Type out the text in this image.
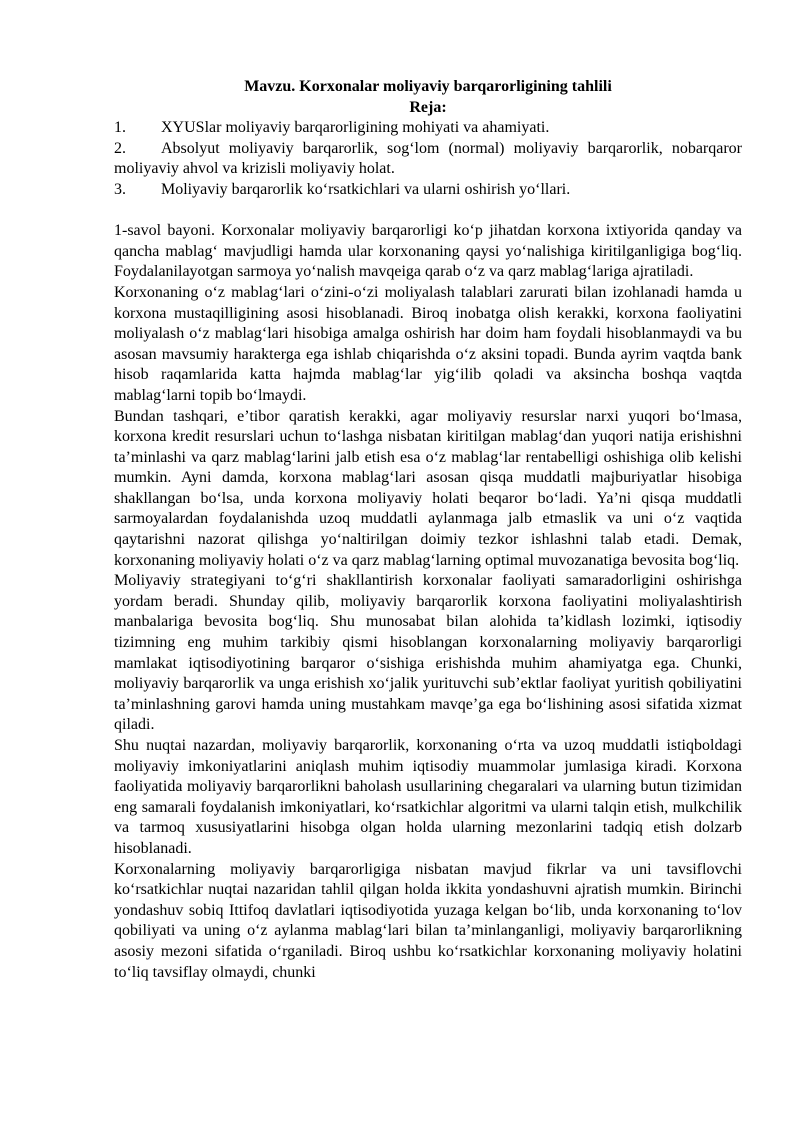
Mavzu. Korxonalar moliyaviy barqarorligining tahlili

Reja:

1.	XYUSlar moliyaviy barqarorligining mohiyati va ahamiyati.
2.	Absolyut moliyaviy barqarorlik, sog‘lom (normal) moliyaviy barqarorlik, nobarqaror moliyaviy ahvol va krizisli moliyaviy holat.
3.	Moliyaviy barqarorlik ko‘rsatkichlari va ularni oshirish yo‘llari.

1-savol bayoni. Korxonalar moliyaviy barqarorligi ko‘p jihatdan korxona ixtiyorida qanday va qancha mablag‘ mavjudligi hamda ular korxonaning qaysi yo‘nalishiga kiritilganligiga bog‘liq. Foydalanilayotgan sarmoya yo‘nalish mavqeiga qarab o‘z va qarz mablag‘lariga ajratiladi.

Korxonaning o‘z mablag‘lari o‘zini-o‘zi moliyalash talablari zarurati bilan izohlanadi hamda u korxona mustaqilligining asosi hisoblanadi. Biroq inobatga olish kerakki, korxona faoliyatini moliyalash o‘z mablag‘lari hisobiga amalga oshirish har doim ham foydali hisoblanmaydi va bu asosan mavsumiy harakterga ega ishlab chiqarishda o‘z aksini topadi. Bunda ayrim vaqtda bank hisob raqamlarida katta hajmda mablag‘lar yig‘ilib qoladi va aksincha boshqa vaqtda mablag‘larni topib bo‘lmaydi.

Bundan tashqari, e’tibor qaratish kerakki, agar moliyaviy resurslar narxi yuqori bo‘lmasa, korxona kredit resurslari uchun to‘lashga nisbatan kiritilgan mablag‘dan yuqori natija erishishni ta’minlashi va qarz mablag‘larini jalb etish esa o‘z mablag‘lar rentabelligi oshishiga olib kelishi mumkin. Ayni damda, korxona mablag‘lari asosan qisqa muddatli majburiyatlar hisobiga shakllangan bo‘lsa, unda korxona moliyaviy holati beqaror bo‘ladi. Ya’ni qisqa muddatli sarmoyalardan foydalanishda uzoq muddatli aylanmaga jalb etmaslik va uni o‘z vaqtida qaytarishni nazorat qilishga yo‘naltirilgan doimiy tezkor ishlashni talab etadi. Demak, korxonaning moliyaviy holati o‘z va qarz mablag‘larning optimal muvozanatiga bevosita bog‘liq.

Moliyaviy strategiyani to‘g‘ri shakllantirish korxonalar faoliyati samaradorligini oshirishga yordam beradi. Shunday qilib, moliyaviy barqarorlik korxona faoliyatini moliyalashtirish manbalariga bevosita bog‘liq. Shu munosabat bilan alohida ta’kidlash lozimki, iqtisodiy tizimning eng muhim tarkibiy qismi hisoblangan korxonalarning moliyaviy barqarorligi mamlakat iqtisodiyotining barqaror o‘sishiga erishishda muhim ahamiyatga ega. Chunki, moliyaviy barqarorlik va unga erishish xo‘jalik yurituvchi sub’ektlar faoliyat yuritish qobiliyatini ta’minlashning garovi hamda uning mustahkam mavqe’ga ega bo‘lishining asosi sifatida xizmat qiladi.

Shu nuqtai nazardan, moliyaviy barqarorlik, korxonaning o‘rta va uzoq muddatli istiqboldagi moliyaviy imkoniyatlarini aniqlash muhim iqtisodiy muammolar jumlasiga kiradi. Korxona faoliyatida moliyaviy barqarorlikni baholash usullarining chegaralari va ularning butun tizimidan eng samarali foydalanish imkoniyatlari, ko‘rsatkichlar algoritmi va ularni talqin etish, mulkchilik va tarmoq xususiyatlarini hisobga olgan holda ularning mezonlarini tadqiq etish dolzarb hisoblanadi.

Korxonalarning moliyaviy barqarorligiga nisbatan mavjud fikrlar va uni tavsiflovchi ko‘rsatkichlar nuqtai nazaridan tahlil qilgan holda ikkita yondashuvni ajratish mumkin. Birinchi yondashuv sobiq Ittifoq davlatlari iqtisodiyotida yuzaga kelgan bo‘lib, unda korxonaning to‘lov qobiliyati va uning o‘z aylanma mablag‘lari bilan ta’minlanganligi, moliyaviy barqarorlikning asosiy mezoni sifatida o‘rganiladi. Biroq ushbu ko‘rsatkichlar korxonaning moliyaviy holatini to‘liq tavsiflay olmaydi, chunki
